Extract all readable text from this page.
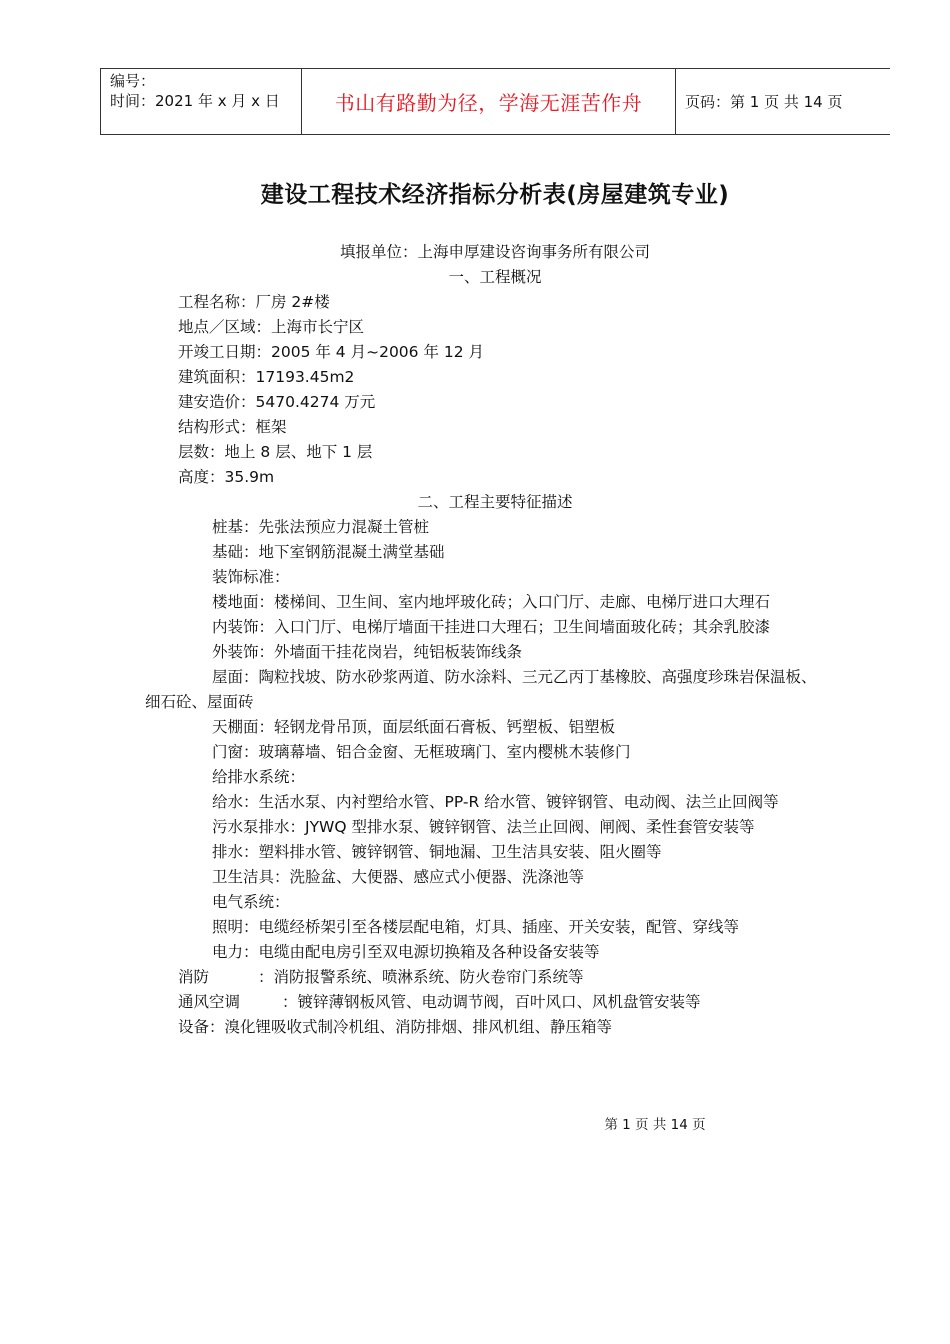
编号：
时间：2021 年 x 月 x 日	书山有路勤为径，学海无涯苦作舟	页码：第 1 页 共 14 页
建设工程技术经济指标分析表(房屋建筑专业)
填报单位：上海申厚建设咨询事务所有限公司
一、工程概况
工程名称：厂房 2#楼
地点／区域：上海市长宁区
开竣工日期：2005 年 4 月~2006 年 12 月
建筑面积：17193.45m2
建安造价：5470.4274 万元
结构形式：框架
层数：地上 8 层、地下 1 层
高度：35.9m
二、工程主要特征描述
桩基：先张法预应力混凝土管桩
基础：地下室钢筋混凝土满堂基础
装饰标准：
楼地面：楼梯间、卫生间、室内地坪玻化砖；入口门厅、走廊、电梯厅进口大理石
内装饰：入口门厅、电梯厅墙面干挂进口大理石；卫生间墙面玻化砖；其余乳胶漆
外装饰：外墙面干挂花岗岩，纯铝板装饰线条
屋面：陶粒找坡、防水砂浆两道、防水涂料、三元乙丙丁基橡胶、高强度珍珠岩保温板、
细石砼、屋面砖
天棚面：轻钢龙骨吊顶，面层纸面石膏板、钙塑板、铝塑板
门窗：玻璃幕墙、铝合金窗、无框玻璃门、室内樱桃木装修门
给排水系统：
给水：生活水泵、内衬塑给水管、PP-R 给水管、镀锌钢管、电动阀、法兰止回阀等
污水泵排水：JYWQ 型排水泵、镀锌钢管、法兰止回阀、闸阀、柔性套管安装等
排水：塑料排水管、镀锌钢管、铜地漏、卫生洁具安装、阻火圈等
卫生洁具：洗脸盆、大便器、感应式小便器、洗涤池等
电气系统：
照明：电缆经桥架引至各楼层配电箱，灯具、插座、开关安装，配管、穿线等
电力：电缆由配电房引至双电源切换箱及各种设备安装等
消防	：消防报警系统、喷淋系统、防火卷帘门系统等
通风空调	：镀锌薄钢板风管、电动调节阀，百叶风口、风机盘管安装等
设备：溴化锂吸收式制冷机组、消防排烟、排风机组、静压箱等
第 1 页 共 14 页
